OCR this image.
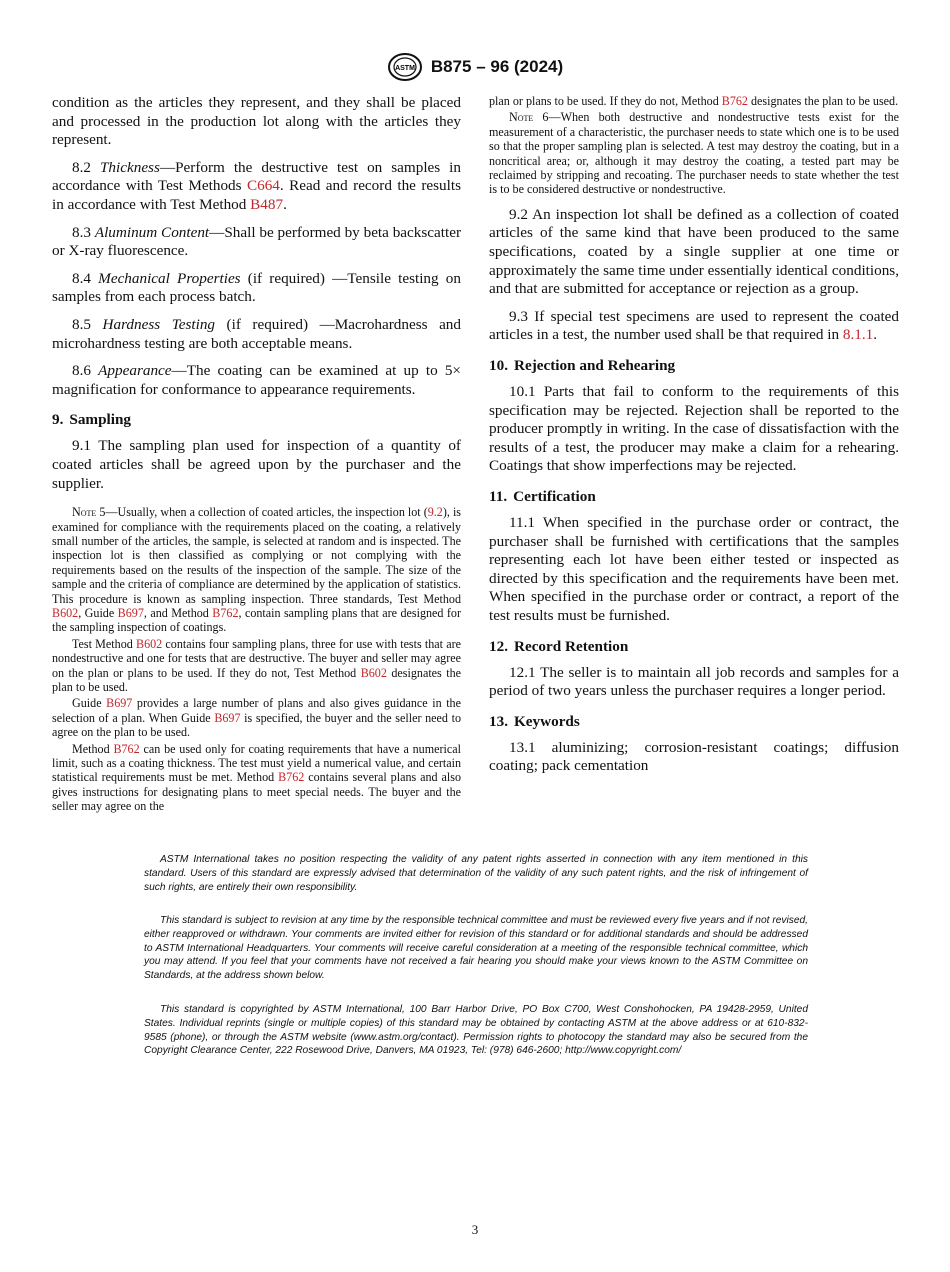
ASTM B875 – 96 (2024)

condition as the articles they represent, and they shall be placed and processed in the production lot along with the articles they represent.

8.2 Thickness—Perform the destructive test on samples in accordance with Test Methods C664. Read and record the results in accordance with Test Method B487.

8.3 Aluminum Content—Shall be performed by beta backscatter or X-ray fluorescence.

8.4 Mechanical Properties (if required) —Tensile testing on samples from each process batch.

8.5 Hardness Testing (if required) —Macrohardness and microhardness testing are both acceptable means.

8.6 Appearance—The coating can be examined at up to 5× magnification for conformance to appearance requirements.

9. Sampling

9.1 The sampling plan used for inspection of a quantity of coated articles shall be agreed upon by the purchaser and the supplier.

Note 5—Usually, when a collection of coated articles, the inspection lot (9.2), is examined for compliance with the requirements placed on the coating, a relatively small number of the articles, the sample, is selected at random and is inspected. The inspection lot is then classified as complying or not complying with the requirements based on the results of the inspection of the sample. The size of the sample and the criteria of compliance are determined by the application of statistics. This procedure is known as sampling inspection. Three standards, Test Method B602, Guide B697, and Method B762, contain sampling plans that are designed for the sampling inspection of coatings.

Test Method B602 contains four sampling plans, three for use with tests that are nondestructive and one for tests that are destructive. The buyer and seller may agree on the plan or plans to be used. If they do not, Test Method B602 designates the plan to be used.

Guide B697 provides a large number of plans and also gives guidance in the selection of a plan. When Guide B697 is specified, the buyer and the seller need to agree on the plan to be used.

Method B762 can be used only for coating requirements that have a numerical limit, such as a coating thickness. The test must yield a numerical value, and certain statistical requirements must be met. Method B762 contains several plans and also gives instructions for designating plans to meet special needs. The buyer and the seller may agree on the

plan or plans to be used. If they do not, Method B762 designates the plan to be used.

Note 6—When both destructive and nondestructive tests exist for the measurement of a characteristic, the purchaser needs to state which one is to be used so that the proper sampling plan is selected. A test may destroy the coating, but in a noncritical area; or, although it may destroy the coating, a tested part may be reclaimed by stripping and recoating. The purchaser needs to state whether the test is to be considered destructive or nondestructive.

9.2 An inspection lot shall be defined as a collection of coated articles of the same kind that have been produced to the same specifications, coated by a single supplier at one time or approximately the same time under essentially identical conditions, and that are submitted for acceptance or rejection as a group.

9.3 If special test specimens are used to represent the coated articles in a test, the number used shall be that required in 8.1.1.

10. Rejection and Rehearing

10.1 Parts that fail to conform to the requirements of this specification may be rejected. Rejection shall be reported to the producer promptly in writing. In the case of dissatisfaction with the results of a test, the producer may make a claim for a rehearing. Coatings that show imperfections may be rejected.

11. Certification

11.1 When specified in the purchase order or contract, the purchaser shall be furnished with certifications that the samples representing each lot have been either tested or inspected as directed by this specification and the requirements have been met. When specified in the purchase order or contract, a report of the test results must be furnished.

12. Record Retention

12.1 The seller is to maintain all job records and samples for a period of two years unless the purchaser requires a longer period.

13. Keywords

13.1 aluminizing; corrosion-resistant coatings; diffusion coating; pack cementation

ASTM International takes no position respecting the validity of any patent rights asserted in connection with any item mentioned in this standard. Users of this standard are expressly advised that determination of the validity of any such patent rights, and the risk of infringement of such rights, are entirely their own responsibility.

This standard is subject to revision at any time by the responsible technical committee and must be reviewed every five years and if not revised, either reapproved or withdrawn. Your comments are invited either for revision of this standard or for additional standards and should be addressed to ASTM International Headquarters. Your comments will receive careful consideration at a meeting of the responsible technical committee, which you may attend. If you feel that your comments have not received a fair hearing you should make your views known to the ASTM Committee on Standards, at the address shown below.

This standard is copyrighted by ASTM International, 100 Barr Harbor Drive, PO Box C700, West Conshohocken, PA 19428-2959, United States. Individual reprints (single or multiple copies) of this standard may be obtained by contacting ASTM at the above address or at 610-832-9585 (phone), or through the ASTM website (www.astm.org/contact). Permission rights to photocopy the standard may also be secured from the Copyright Clearance Center, 222 Rosewood Drive, Danvers, MA 01923, Tel: (978) 646-2600; http://www.copyright.com/

3
